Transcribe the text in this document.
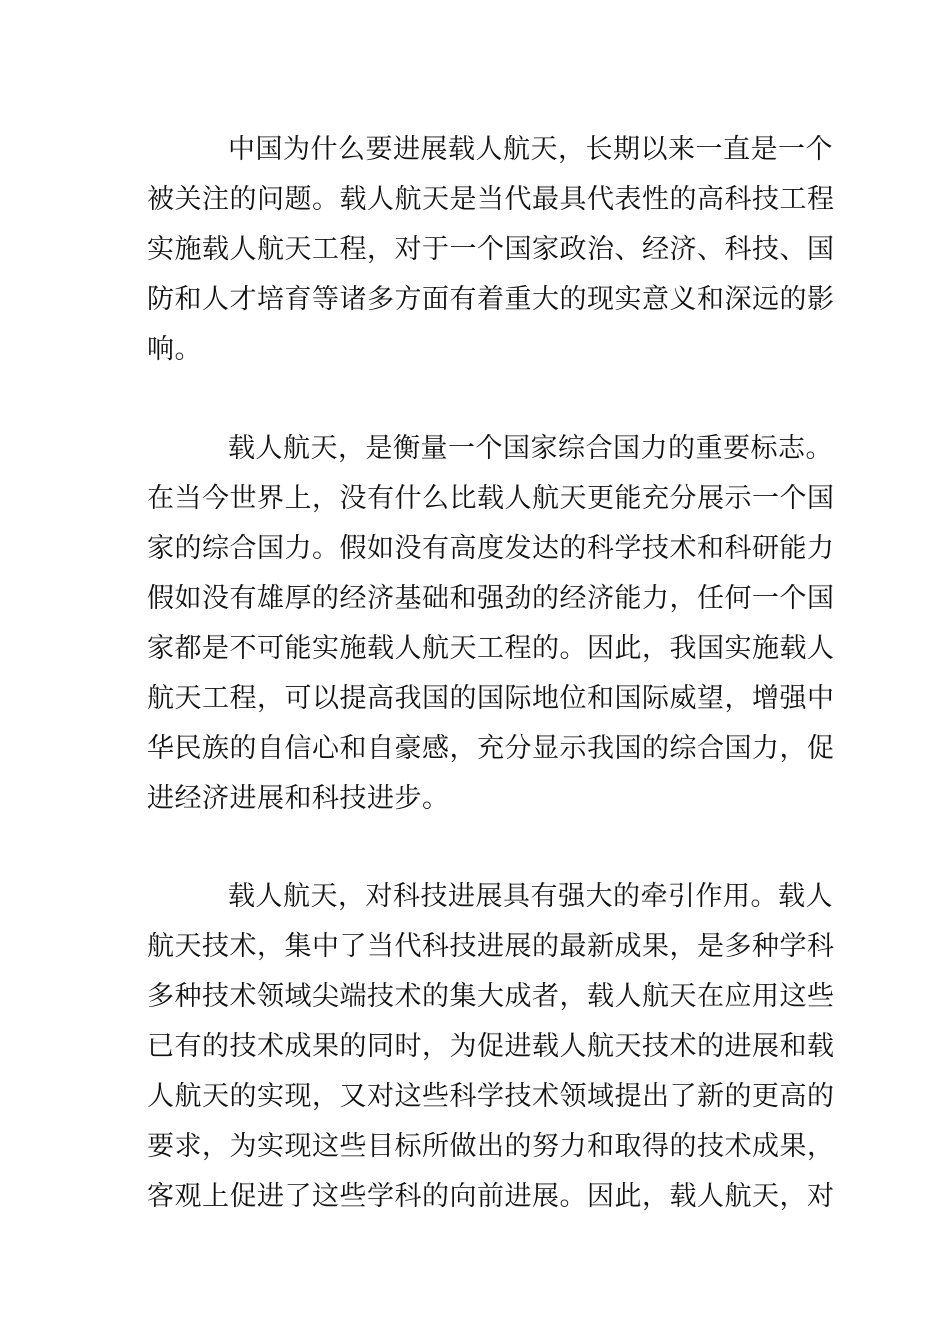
中国为什么要进展载人航天，长期以来一直是一个
被关注的问题。载人航天是当代最具代表性的高科技工程
实施载人航天工程，对于一个国家政治、经济、科技、国
防和人才培育等诸多方面有着重大的现实意义和深远的影
响。
载人航天，是衡量一个国家综合国力的重要标志。
在当今世界上，没有什么比载人航天更能充分展示一个国
家的综合国力。假如没有高度发达的科学技术和科研能力
假如没有雄厚的经济基础和强劲的经济能力，任何一个国
家都是不可能实施载人航天工程的。因此，我国实施载人
航天工程，可以提高我国的国际地位和国际威望，增强中
华民族的自信心和自豪感，充分显示我国的综合国力，促
进经济进展和科技进步。
载人航天，对科技进展具有强大的牵引作用。载人
航天技术，集中了当代科技进展的最新成果，是多种学科
多种技术领域尖端技术的集大成者，载人航天在应用这些
已有的技术成果的同时，为促进载人航天技术的进展和载
人航天的实现，又对这些科学技术领域提出了新的更高的
要求，为实现这些目标所做出的努力和取得的技术成果，
客观上促进了这些学科的向前进展。因此，载人航天，对
